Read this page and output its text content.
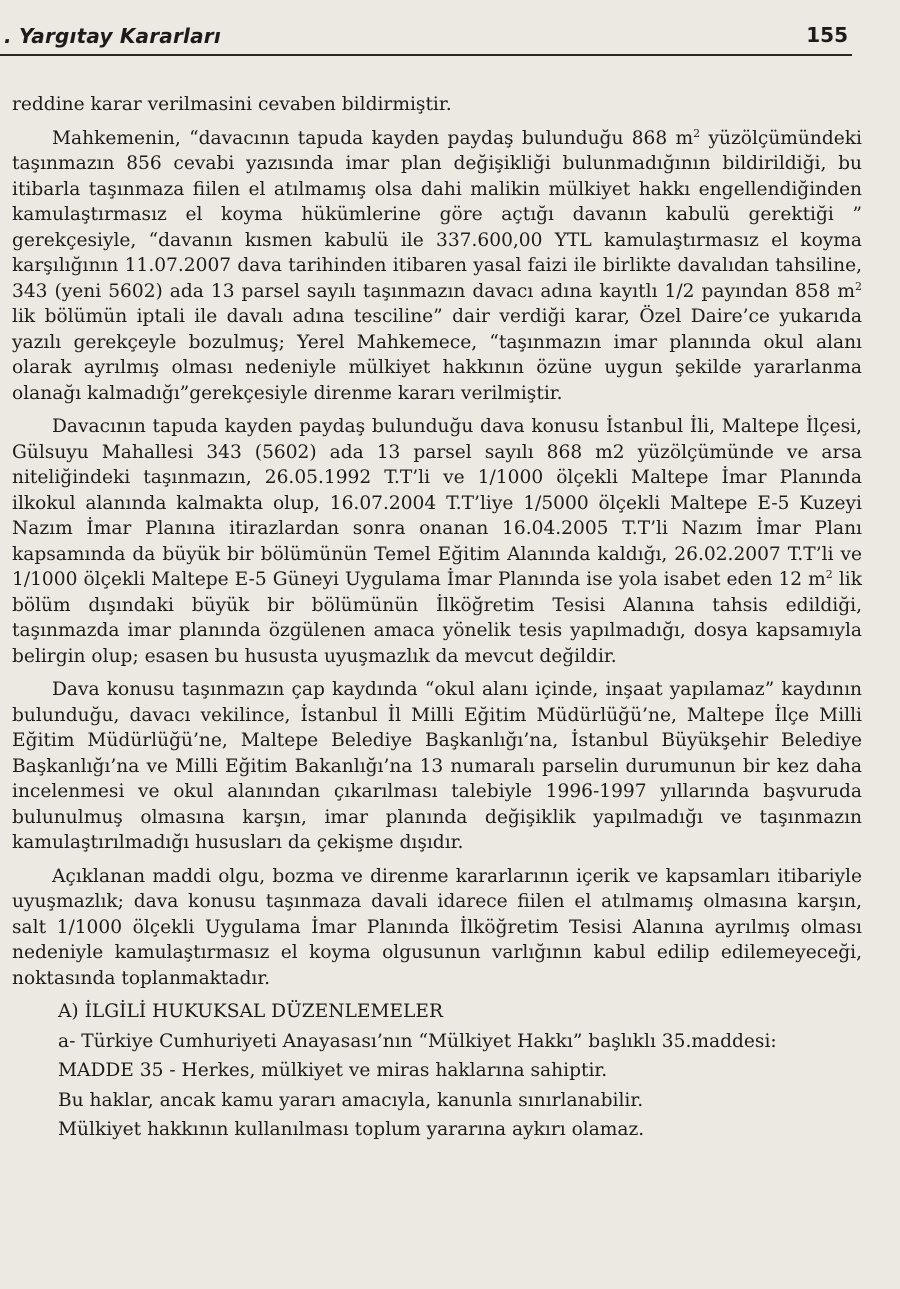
. Yargıtay Kararları	155

reddine karar verilmasini cevaben bildirmiştir.

Mahkemenin, “davacının tapuda kayden paydaş bulunduğu 868 $m^2$ yüzölçümündeki taşınmazın 856 cevabi yazısında imar plan değişikliği bulunmadığının bildirildiği, bu itibarla taşınmaza fiilen el atılmamış olsa dahi malikin mülkiyet hakkı engellendiğinden kamulaştırmasız el koyma hükümlerine göre açtığı davanın kabulü gerektiği ” gerekçesiyle, “davanın kısmen kabulü ile 337.600,00 YTL kamulaştırmasız el koyma karşılığının 11.07.2007 dava tarihinden itibaren yasal faizi ile birlikte davalıdan tahsiline, 343 (yeni 5602) ada 13 parsel sayılı taşınmazın davacı adına kayıtlı 1/2 payından 858 $m^2$ lik bölümün iptali ile davalı adına tesciline” dair verdiği karar, Özel Daire’ce yukarıda yazılı gerekçeyle bozulmuş; Yerel Mahkemece, “taşınmazın imar planında okul alanı olarak ayrılmış olması nedeniyle mülkiyet hakkının özüne uygun şekilde yararlanma olanağı kalmadığı”gerekçesiyle direnme kararı verilmiştir.

Davacının tapuda kayden paydaş bulunduğu dava konusu İstanbul İli, Maltepe İlçesi, Gülsuyu Mahallesi 343 (5602) ada 13 parsel sayılı 868 m2 yüzölçümünde ve arsa niteliğindeki taşınmazın, 26.05.1992 T.T’li ve 1/1000 ölçekli Maltepe İmar Planında ilkokul alanında kalmakta olup, 16.07.2004 T.T’liye 1/5000 ölçekli Maltepe E-5 Kuzeyi Nazım İmar Planına itirazlardan sonra onanan 16.04.2005 T.T’li Nazım İmar Planı kapsamında da büyük bir bölümünün Temel Eğitim Alanında kaldığı, 26.02.2007 T.T’li ve 1/1000 ölçekli Maltepe E-5 Güneyi Uygulama İmar Planında ise yola isabet eden 12 $m^2$ lik bölüm dışındaki büyük bir bölümünün İlköğretim Tesisi Alanına tahsis edildiği, taşınmazda imar planında özgülenen amaca yönelik tesis yapılmadığı, dosya kapsamıyla belirgin olup; esasen bu hususta uyuşmazlık da mevcut değildir.

Dava konusu taşınmazın çap kaydında “okul alanı içinde, inşaat yapılamaz” kaydının bulunduğu, davacı vekilince, İstanbul İl Milli Eğitim Müdürlüğü’ne, Maltepe İlçe Milli Eğitim Müdürlüğü’ne, Maltepe Belediye Başkanlığı’na, İstanbul Büyükşehir Belediye Başkanlığı’na ve Milli Eğitim Bakanlığı’na 13 numaralı parselin durumunun bir kez daha incelenmesi ve okul alanından çıkarılması talebiyle 1996-1997 yıllarında başvuruda bulunulmuş olmasına karşın, imar planında değişiklik yapılmadığı ve taşınmazın kamulaştırılmadığı hususları da çekişme dışıdır.

Açıklanan maddi olgu, bozma ve direnme kararlarının içerik ve kapsamları itibariyle uyuşmazlık; dava konusu taşınmaza davali idarece fiilen el atılmamış olmasına karşın, salt 1/1000 ölçekli Uygulama İmar Planında İlköğretim Tesisi Alanına ayrılmış olması nedeniyle kamulaştırmasız el koyma olgusunun varlığının kabul edilip edilemeyeceği, noktasında toplanmaktadır.

A) İLGİLİ HUKUKSAL DÜZENLEMELER

a- Türkiye Cumhuriyeti Anayasası’nın “Mülkiyet Hakkı” başlıklı 35.maddesi:

MADDE 35 - Herkes, mülkiyet ve miras haklarına sahiptir.

Bu haklar, ancak kamu yararı amacıyla, kanunla sınırlanabilir.

Mülkiyet hakkının kullanılması toplum yararına aykırı olamaz.
